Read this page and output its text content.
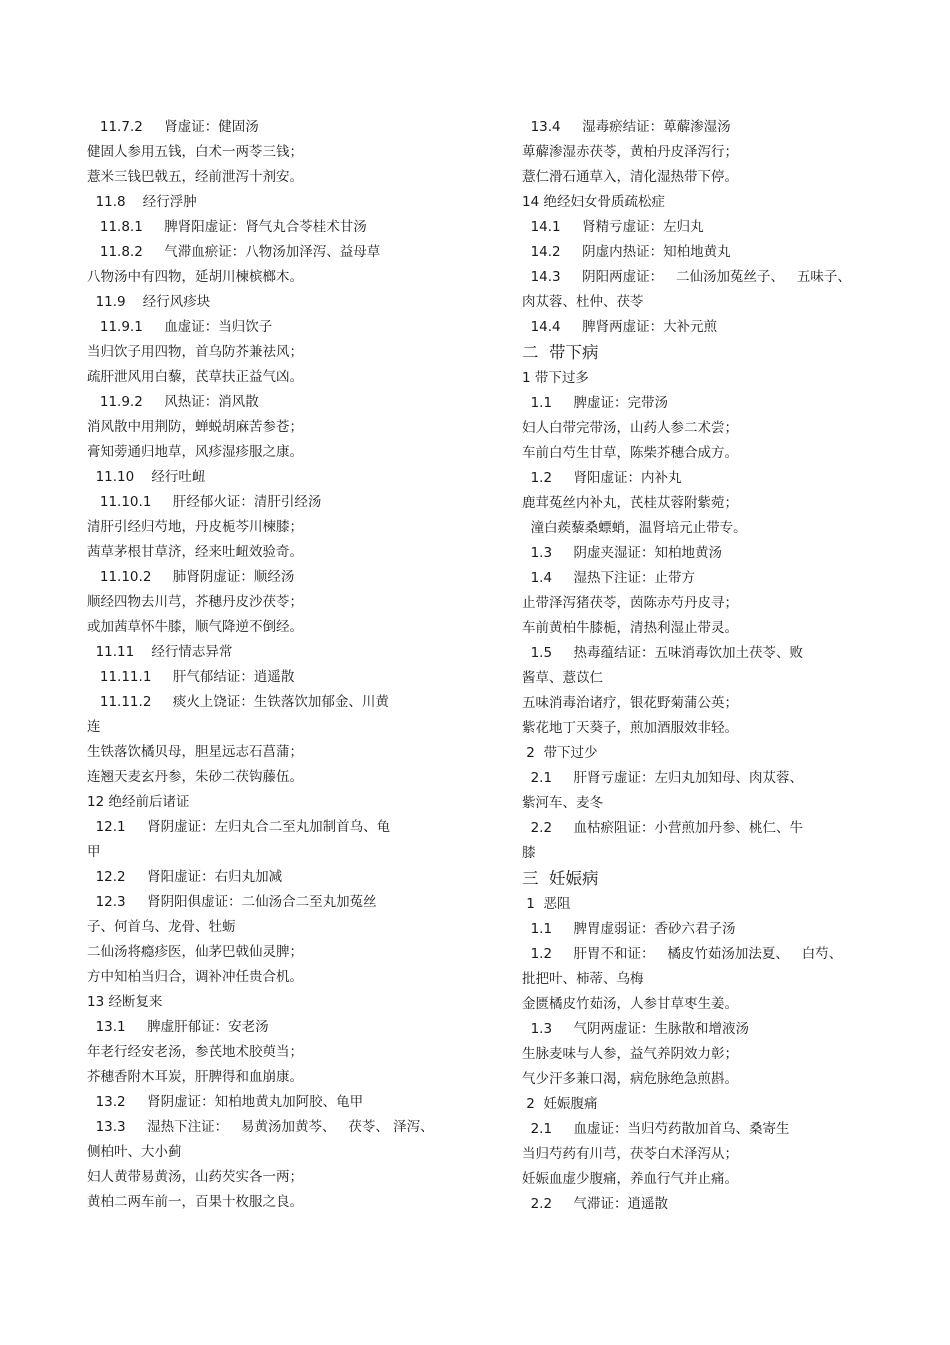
11.7.2     肾虚证：健固汤
健固人参用五钱，白术一两苓三钱；
薏米三钱巴戟五，经前泄泻十剂安。
11.8    经行浮肿
11.8.1     脾肾阳虚证：肾气丸合苓桂术甘汤
11.8.2     气滞血瘀证：八物汤加泽泻、益母草
八物汤中有四物，延胡川楝槟榔木。
11.9    经行风疹块
11.9.1     血虚证：当归饮子
当归饮子用四物，首乌防芥兼祛风；
疏肝泄风用白藜，芪草扶正益气凶。
11.9.2     风热证：消风散
消风散中用荆防，蝉蜕胡麻苦参苍；
膏知蒡通归地草，风疹湿疹服之康。
11.10    经行吐衄
11.10.1     肝经郁火证：清肝引经汤
清肝引经归芍地，丹皮栀芩川楝膝；
茜草茅根甘草济，经来吐衄效验奇。
11.10.2     肺肾阴虚证：顺经汤
顺经四物去川芎，芥穗丹皮沙茯苓；
或加茜草怀牛膝，顺气降逆不倒经。
11.11    经行情志异常
11.11.1     肝气郁结证：逍遥散
11.11.2     痰火上饶证：生铁落饮加郁金、川黄
连
生铁落饮橘贝母，胆星远志石菖蒲；
连翘天麦玄丹参，朱砂二茯钩藤伍。
12 绝经前后诸证
12.1     肾阴虚证：左归丸合二至丸加制首乌、龟
甲
12.2     肾阳虚证：右归丸加减
12.3     肾阴阳俱虚证：二仙汤合二至丸加菟丝
子、何首乌、龙骨、牡蛎
二仙汤将瘾疹医，仙茅巴戟仙灵脾；
方中知柏当归合，调补冲任贵合机。
13 经断复来
13.1     脾虚肝郁证：安老汤
年老行经安老汤，参芪地术胶萸当；
芥穗香附木耳炭，肝脾得和血崩康。
13.2     肾阴虚证：知柏地黄丸加阿胶、龟甲
13.3     湿热下注证：   易黄汤加黄芩、   茯苓、 泽泻、
侧柏叶、大小蓟
妇人黄带易黄汤，山药芡实各一两；
黄柏二两车前一，百果十枚服之良。
13.4     湿毒瘀结证：萆薢渗湿汤
萆薢渗湿赤茯苓，黄柏丹皮泽泻行；
薏仁滑石通草入，清化湿热带下停。
14 绝经妇女骨质疏松症
14.1     肾精亏虚证：左归丸
14.2     阴虚内热证：知柏地黄丸
14.3     阴阳两虚证：   二仙汤加菟丝子、   五味子、
肉苁蓉、杜仲、茯苓
14.4     脾肾两虚证：大补元煎
二  带下病
1 带下过多
1.1     脾虚证：完带汤
妇人白带完带汤，山药人参二术尝；
车前白芍生甘草，陈柴芥穗合成方。
1.2     肾阳虚证：内补丸
鹿茸菟丝内补丸，芪桂苁蓉附紫菀；
潼白蒺藜桑螵蛸，温肾培元止带专。
1.3     阴虚夹湿证：知柏地黄汤
1.4     湿热下注证：止带方
止带泽泻猪茯苓，茵陈赤芍丹皮寻；
车前黄柏牛膝栀，清热利湿止带灵。
1.5     热毒蕴结证：五味消毒饮加土茯苓、败
酱草、薏苡仁
五味消毒治诸疗，银花野菊蒲公英；
紫花地丁天葵子，煎加酒服效非轻。
2  带下过少
2.1     肝肾亏虚证：左归丸加知母、肉苁蓉、
紫河车、麦冬
2.2     血枯瘀阻证：小营煎加丹参、桃仁、牛
膝
三  妊娠病
1  恶阻
1.1     脾胃虚弱证：香砂六君子汤
1.2     肝胃不和证：   橘皮竹茹汤加法夏、   白芍、
批把叶、柿蒂、乌梅
金匮橘皮竹茹汤，人参甘草枣生姜。
1.3     气阴两虚证：生脉散和增液汤
生脉麦味与人参，益气养阴效力彰；
气少汗多兼口渴，病危脉绝急煎斟。
2  妊娠腹痛
2.1     血虚证：当归芍药散加首乌、桑寄生
当归芍药有川芎，茯苓白术泽泻从；
妊娠血虚少腹痛，养血行气并止痛。
2.2     气滞证：逍遥散
